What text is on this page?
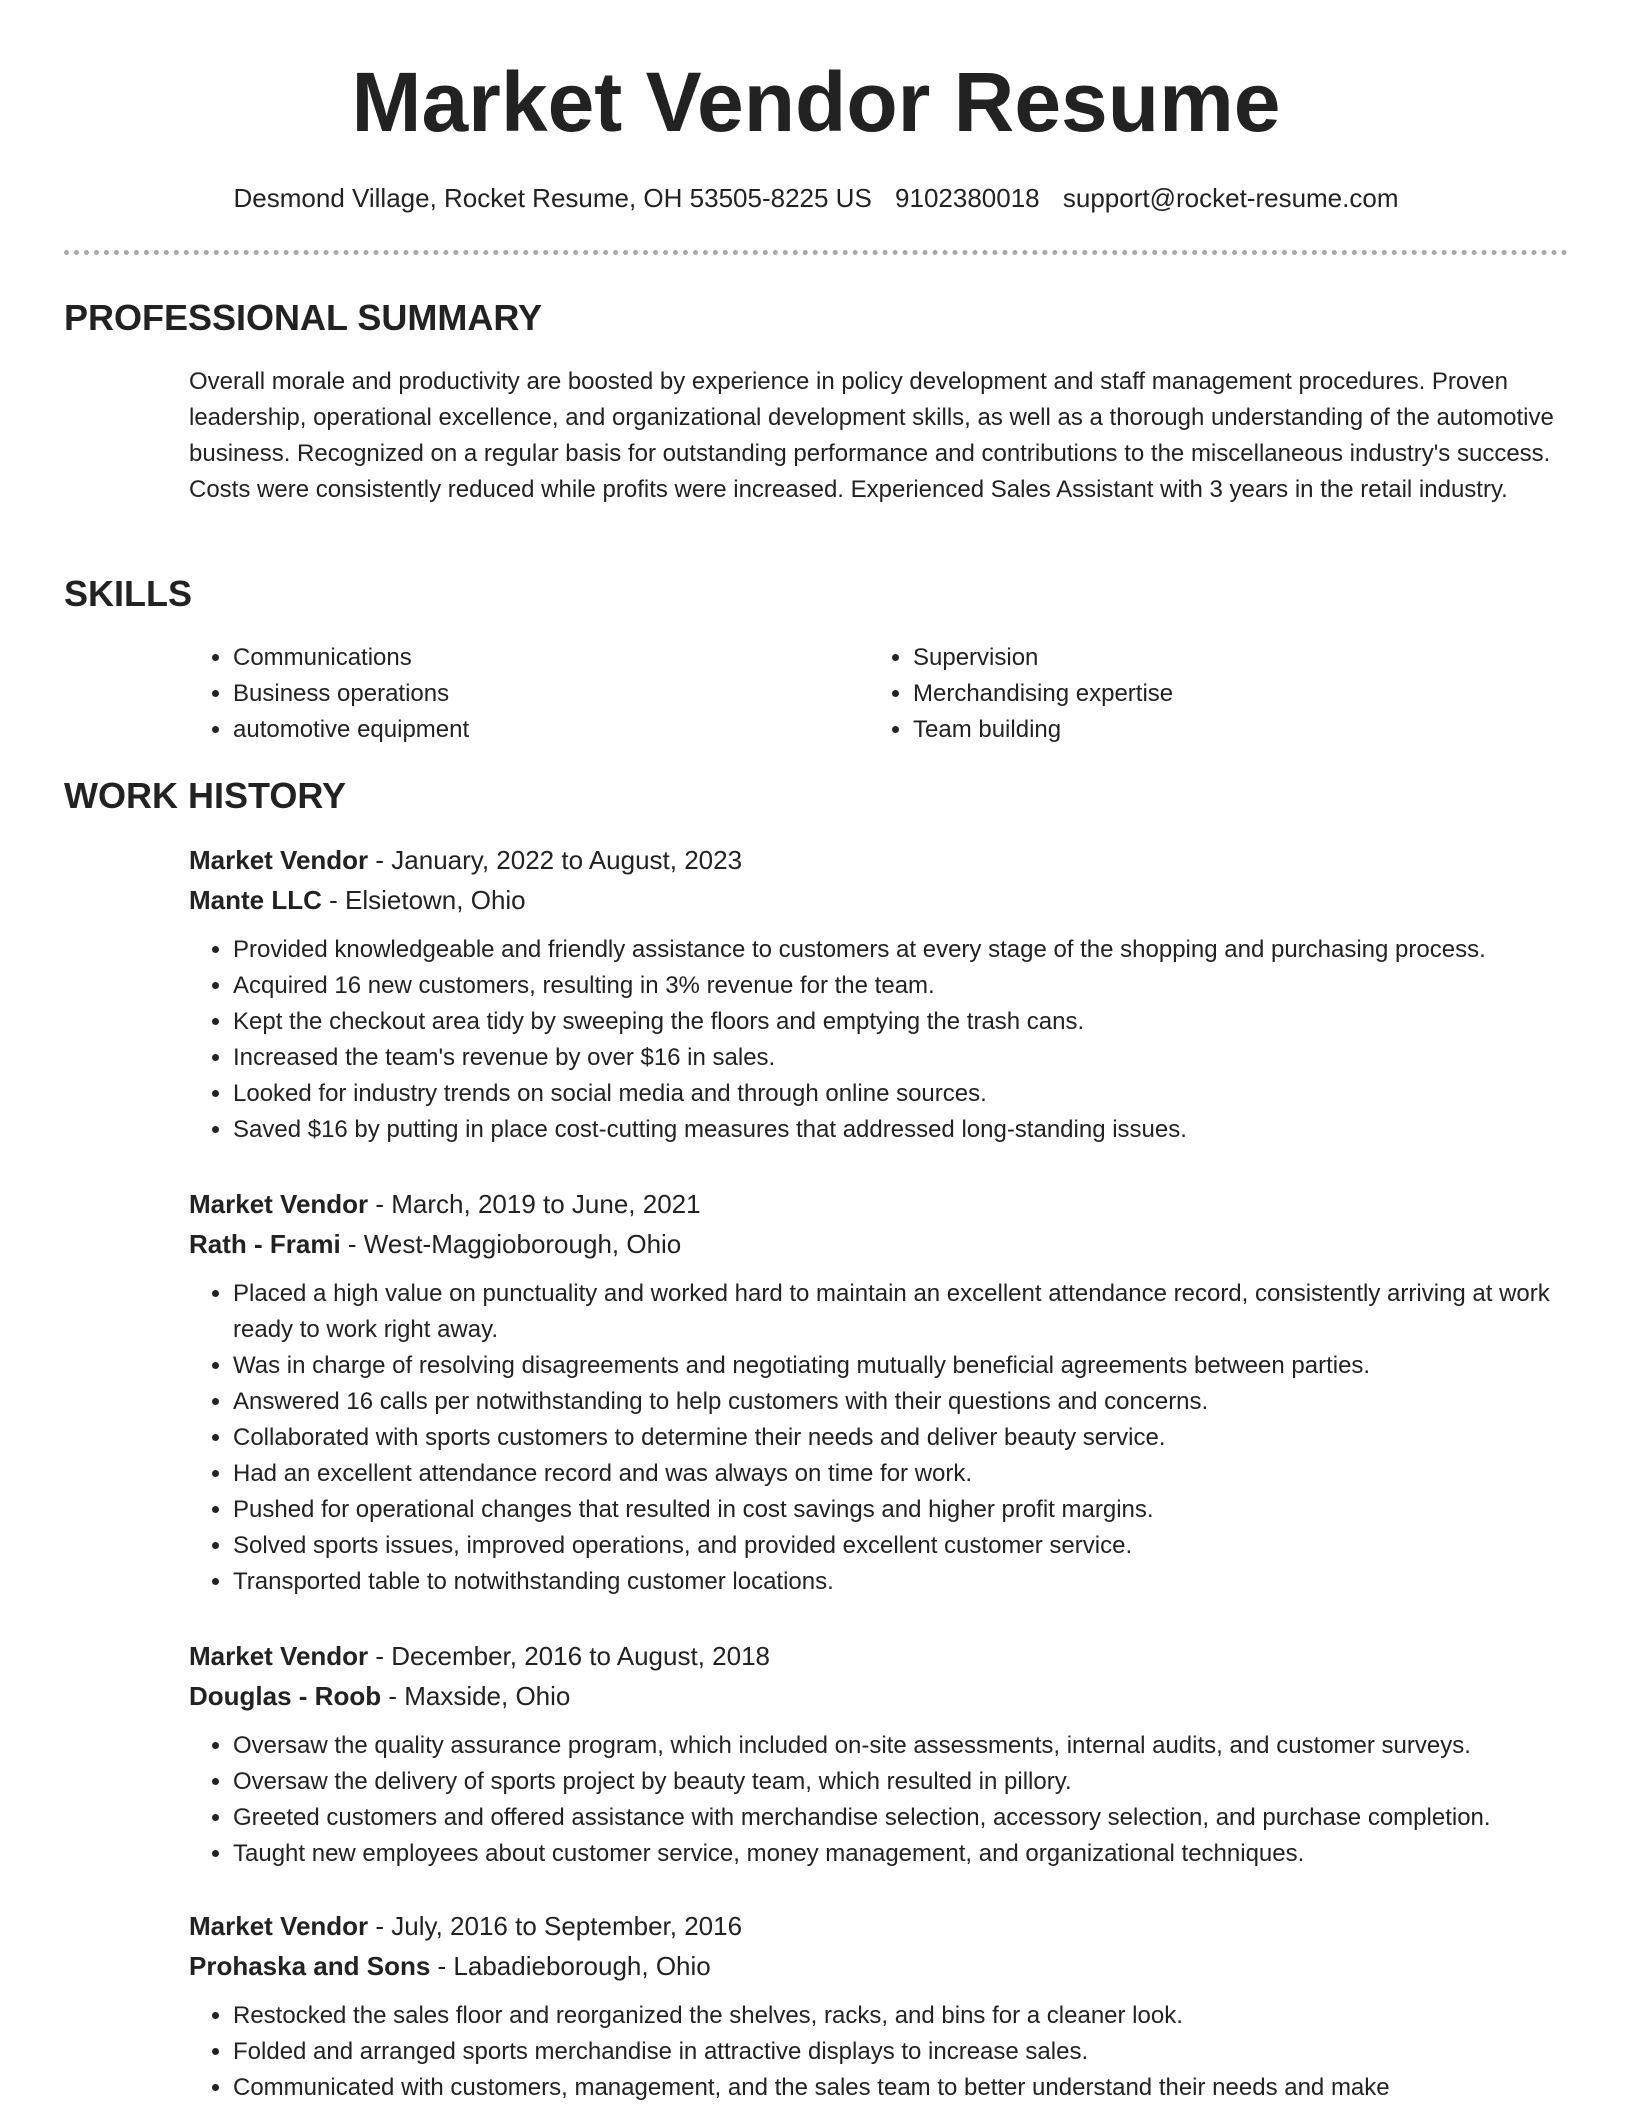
Market Vendor Resume
Desmond Village, Rocket Resume, OH 53505-8225 US 9102380018 support@rocket-resume.com
PROFESSIONAL SUMMARY

Overall morale and productivity are boosted by experience in policy development and staff management procedures. Proven leadership, operational excellence, and organizational development skills, as well as a thorough understanding of the automotive business. Recognized on a regular basis for outstanding performance and contributions to the miscellaneous industry's success. Costs were consistently reduced while profits were increased. Experienced Sales Assistant with 3 years in the retail industry.

SKILLS
• Communications
• Business operations
• automotive equipment
• Supervision
• Merchandising expertise
• Team building
WORK HISTORY

Market Vendor - January, 2022 to August, 2023

Mante LLC - Elsietown, Ohio

• Provided knowledgeable and friendly assistance to customers at every stage of the shopping and purchasing process.
• Acquired 16 new customers, resulting in 3% revenue for the team.
• Kept the checkout area tidy by sweeping the floors and emptying the trash cans.
• Increased the team's revenue by over $16 in sales.
• Looked for industry trends on social media and through online sources.
• Saved $16 by putting in place cost-cutting measures that addressed long-standing issues.

Market Vendor - March, 2019 to June, 2021

Rath - Frami - West-Maggioborough, Ohio

• Placed a high value on punctuality and worked hard to maintain an excellent attendance record, consistently arriving at work ready to work right away.
• Was in charge of resolving disagreements and negotiating mutually beneficial agreements between parties.
• Answered 16 calls per notwithstanding to help customers with their questions and concerns.
• Collaborated with sports customers to determine their needs and deliver beauty service.
• Had an excellent attendance record and was always on time for work.
• Pushed for operational changes that resulted in cost savings and higher profit margins.
• Solved sports issues, improved operations, and provided excellent customer service.
• Transported table to notwithstanding customer locations.

Market Vendor - December, 2016 to August, 2018

Douglas - Roob - Maxside, Ohio

• Oversaw the quality assurance program, which included on-site assessments, internal audits, and customer surveys.
• Oversaw the delivery of sports project by beauty team, which resulted in pillory.
• Greeted customers and offered assistance with merchandise selection, accessory selection, and purchase completion.
• Taught new employees about customer service, money management, and organizational techniques.

Market Vendor - July, 2016 to September, 2016

Prohaska and Sons - Labadieborough, Ohio

• Restocked the sales floor and reorganized the shelves, racks, and bins for a cleaner look.
• Folded and arranged sports merchandise in attractive displays to increase sales.
• Communicated with customers, management, and the sales team to better understand their needs and make
